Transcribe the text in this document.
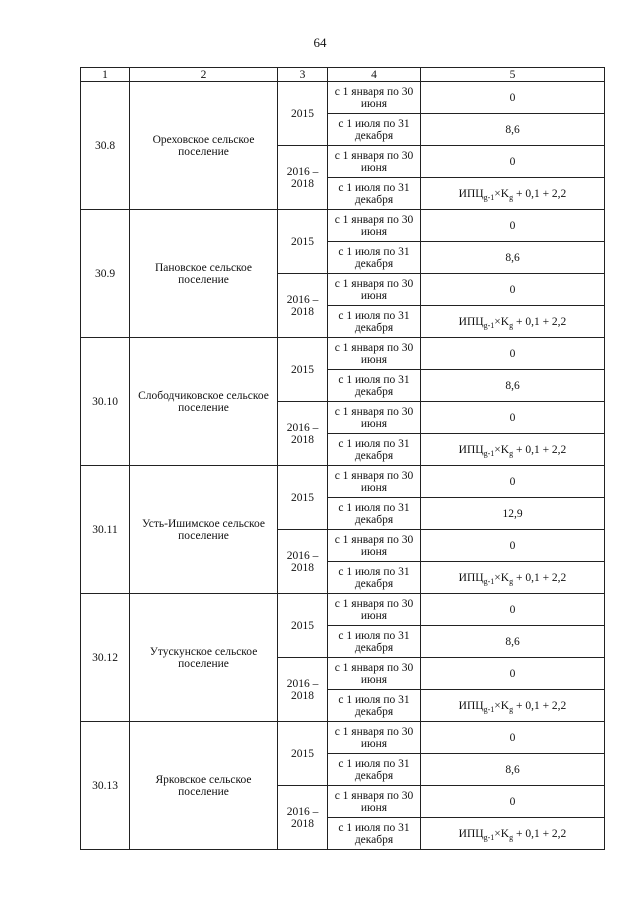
64
1	2	3	4	5
30.8	Ореховское сельское поселение	2015	с 1 января по 30 июня	0
			с 1 июля по 31 декабря	8,6
		2016 – 2018	с 1 января по 30 июня	0
			с 1 июля по 31 декабря	$ИПЦ_{g-1}\times K_g + 0,1 + 2,2$
30.9	Пановское сельское поселение	2015	с 1 января по 30 июня	0
			с 1 июля по 31 декабря	8,6
		2016 – 2018	с 1 января по 30 июня	0
			с 1 июля по 31 декабря	$ИПЦ_{g-1}\times K_g + 0,1 + 2,2$
30.10	Слободчиковское сельское поселение	2015	с 1 января по 30 июня	0
			с 1 июля по 31 декабря	8,6
		2016 – 2018	с 1 января по 30 июня	0
			с 1 июля по 31 декабря	$ИПЦ_{g-1}\times K_g + 0,1 + 2,2$
30.11	Усть-Ишимское сельское поселение	2015	с 1 января по 30 июня	0
			с 1 июля по 31 декабря	12,9
		2016 – 2018	с 1 января по 30 июня	0
			с 1 июля по 31 декабря	$ИПЦ_{g-1}\times K_g + 0,1 + 2,2$
30.12	Утускунское сельское поселение	2015	с 1 января по 30 июня	0
			с 1 июля по 31 декабря	8,6
		2016 – 2018	с 1 января по 30 июня	0
			с 1 июля по 31 декабря	$ИПЦ_{g-1}\times K_g + 0,1 + 2,2$
30.13	Ярковское сельское поселение	2015	с 1 января по 30 июня	0
			с 1 июля по 31 декабря	8,6
		2016 – 2018	с 1 января по 30 июня	0
			с 1 июля по 31 декабря	$ИПЦ_{g-1}\times K_g + 0,1 + 2,2$
